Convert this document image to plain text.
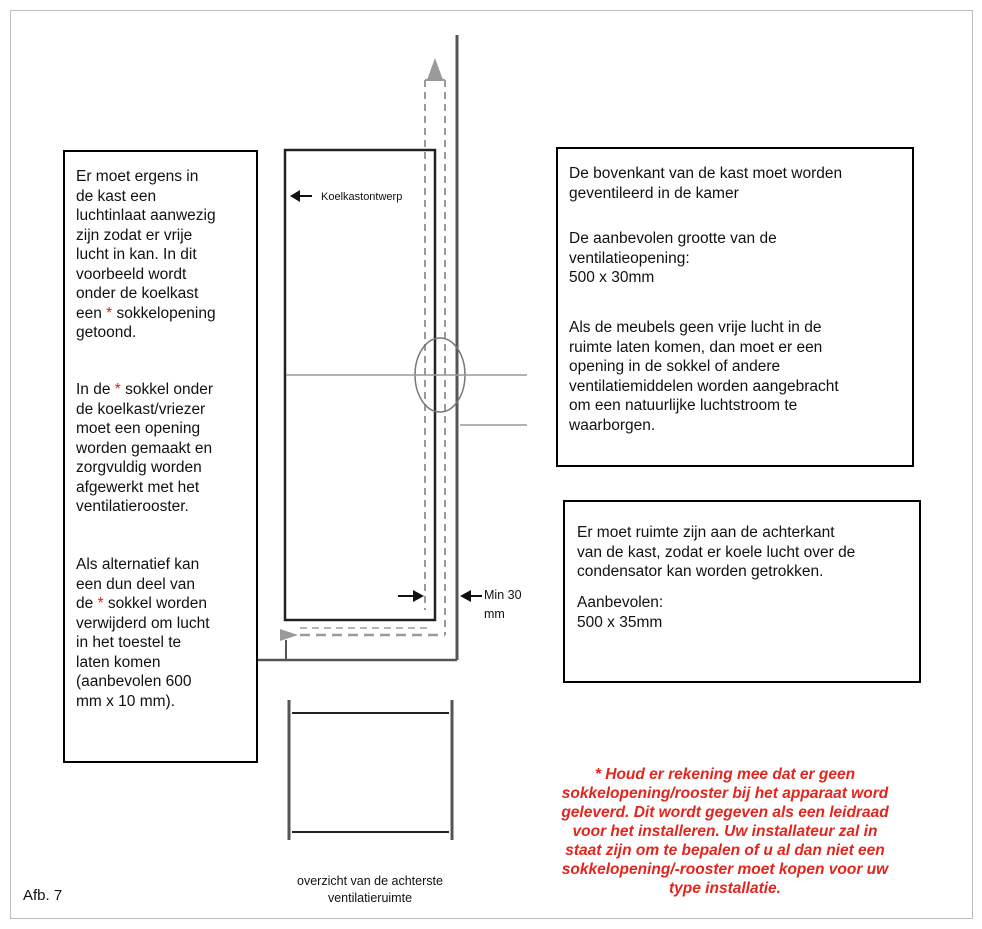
Er moet ergens in
de kast een
luchtinlaat aanwezig
zijn zodat er vrije
lucht in kan. In dit
voorbeeld wordt
onder de koelkast
een * sokkelopening
getoond.
In de * sokkel onder
de koelkast/vriezer
moet een opening
worden gemaakt en
zorgvuldig worden
afgewerkt met het
ventilatierooster.
Als alternatief kan
een dun deel van
de * sokkel worden
verwijderd om lucht
in het toestel te
laten komen
(aanbevolen 600
mm x 10 mm).
De bovenkant van de kast moet worden
geventileerd in de kamer
De aanbevolen grootte van de
ventilatieopening:
500 x 30mm
Als de meubels geen vrije lucht in de
ruimte laten komen, dan moet er een
opening in de sokkel of andere
ventilatiemiddelen worden aangebracht
om een natuurlijke luchtstroom te
waarborgen.
Er moet ruimte zijn aan de achterkant
van de kast, zodat er koele lucht over de
condensator kan worden getrokken.
Aanbevolen:
500 x 35mm
Koelkastontwerp
Min 30
mm
overzicht van de achterste
ventilatieruimte
* Houd er rekening mee dat er geen
sokkelopening/rooster bij het apparaat word
geleverd. Dit wordt gegeven als een leidraad
voor het installeren. Uw installateur zal in
staat zijn om te bepalen of u al dan niet een
sokkelopening/-rooster moet kopen voor uw
type installatie.
Afb. 7
